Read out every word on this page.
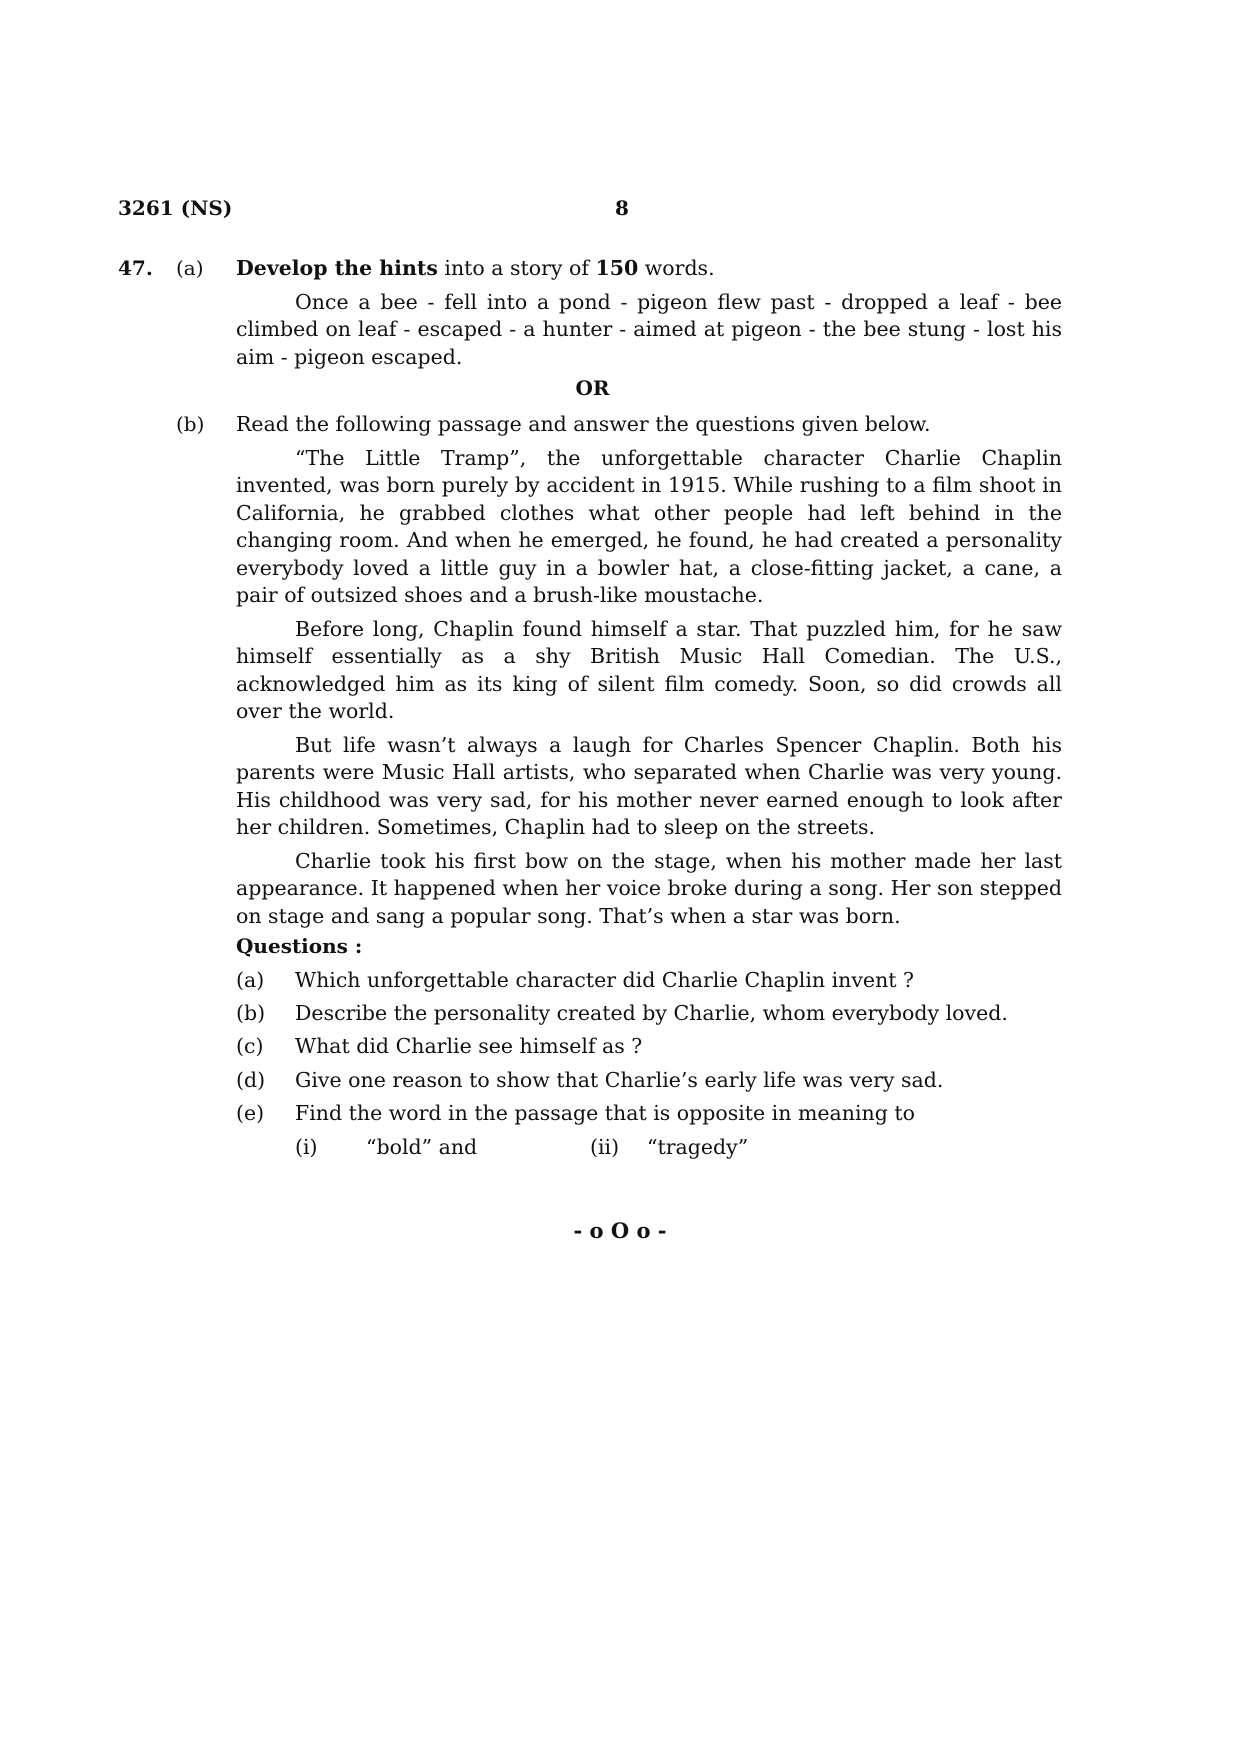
3261 (NS)	8
47. (a) Develop the hints into a story of 150 words.

Once a bee - fell into a pond - pigeon flew past - dropped a leaf - bee climbed on leaf - escaped - a hunter - aimed at pigeon - the bee stung - lost his aim - pigeon escaped.

OR
(b) Read the following passage and answer the questions given below.

“The Little Tramp”, the unforgettable character Charlie Chaplin invented, was born purely by accident in 1915. While rushing to a film shoot in California, he grabbed clothes what other people had left behind in the changing room. And when he emerged, he found, he had created a personality everybody loved a little guy in a bowler hat, a close-fitting jacket, a cane, a pair of outsized shoes and a brush-like moustache.

Before long, Chaplin found himself a star. That puzzled him, for he saw himself essentially as a shy British Music Hall Comedian. The U.S., acknowledged him as its king of silent film comedy. Soon, so did crowds all over the world.

But life wasn’t always a laugh for Charles Spencer Chaplin. Both his parents were Music Hall artists, who separated when Charlie was very young. His childhood was very sad, for his mother never earned enough to look after her children. Sometimes, Chaplin had to sleep on the streets.

Charlie took his first bow on the stage, when his mother made her last appearance. It happened when her voice broke during a song. Her son stepped on stage and sang a popular song. That’s when a star was born.

Questions :
(a) Which unforgettable character did Charlie Chaplin invent ?
(b) Describe the personality created by Charlie, whom everybody loved.
(c) What did Charlie see himself as ?
(d) Give one reason to show that Charlie’s early life was very sad.
(e) Find the word in the passage that is opposite in meaning to
(i) “bold” and	(ii) “tragedy”
- o O o -
